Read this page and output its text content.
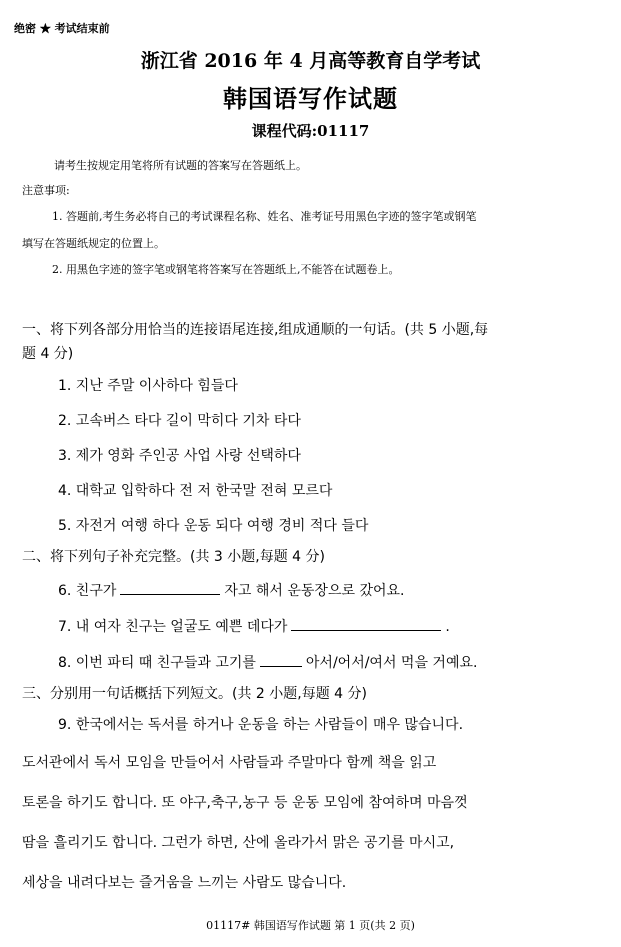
绝密 ★ 考试结束前
浙江省 2016 年 4 月高等教育自学考试
韩国语写作试题
课程代码:01117
请考生按规定用笔将所有试题的答案写在答题纸上。
注意事项:
1. 答题前,考生务必将自己的考试课程名称、姓名、准考证号用黑色字迹的签字笔或钢笔
填写在答题纸规定的位置上。
2. 用黑色字迹的签字笔或钢笔将答案写在答题纸上,不能答在试题卷上。
一、将下列各部分用恰当的连接语尾连接,组成通顺的一句话。(共 5 小题,每
题 4 分)
1. 지난 주말 이사하다 힘들다
2. 고속버스 타다 길이 막히다 기차 타다
3. 제가 영화 주인공 사업 사랑 선택하다
4. 대학교 입학하다 전 저 한국말 전혀 모르다
5. 자전거 여행 하다 운동 되다 여행 경비 적다 들다
二、将下列句子补充完整。(共 3 小题,每题 4 分)
6. 친구가	자고 해서 운동장으로 갔어요.
7. 내 여자 친구는 얼굴도 예쁜 데다가	.
8. 이번 파티 때 친구들과 고기를	아서/어서/여서 먹을 거예요.
三、分别用一句话概括下列短文。(共 2 小题,每题 4 分)
9. 한국에서는 독서를 하거나 운동을 하는 사람들이 매우 많습니다.
도서관에서 독서 모임을 만들어서 사람들과 주말마다 함께 책을 읽고
토론을 하기도 합니다. 또 야구,축구,농구 등 운동 모임에 참여하며 마음껏
땀을 흘리기도 합니다. 그런가 하면, 산에 올라가서 맑은 공기를 마시고,
세상을 내려다보는 즐거움을 느끼는 사람도 많습니다.
01117# 韩国语写作试题 第 1 页(共 2 页)
